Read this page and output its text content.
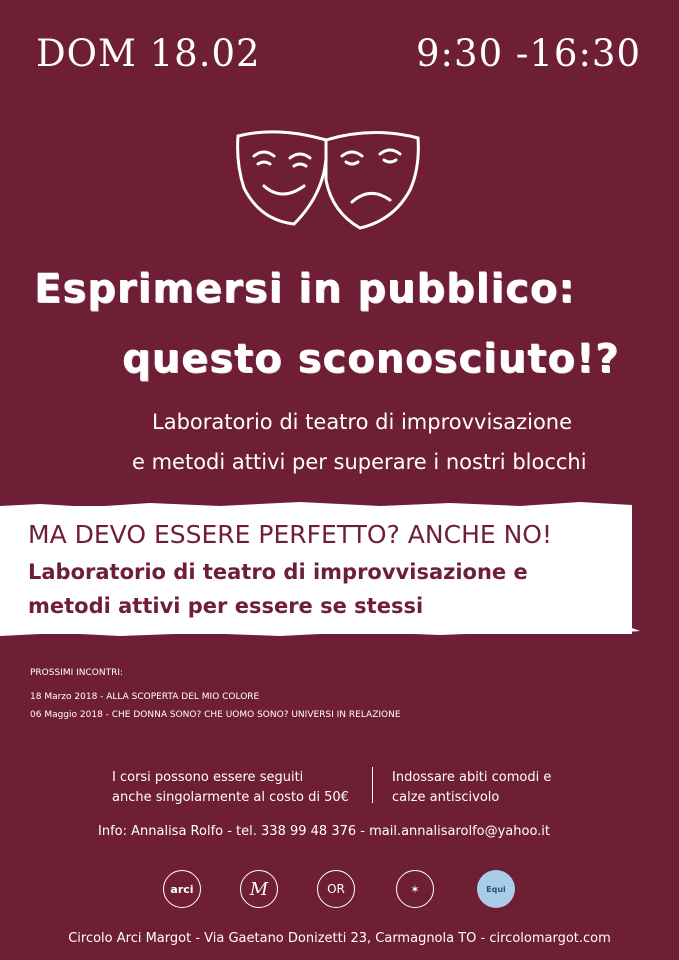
DOM 18.02	9:30 -16:30
Esprimersi in pubblico:
questo sconosciuto!?
Laboratorio di teatro di improvvisazione
e metodi attivi per superare i nostri blocchi
MA DEVO ESSERE PERFETTO? ANCHE NO!
Laboratorio di teatro di improvvisazione e
metodi attivi per essere se stessi
PROSSIMI INCONTRI:
18 Marzo 2018 - ALLA SCOPERTA DEL MIO COLORE
06 Maggio 2018 - CHE DONNA SONO? CHE UOMO SONO? UNIVERSI IN RELAZIONE
I corsi possono essere seguiti
anche singolarmente al costo di 50€
Indossare abiti comodi e
calze antiscivolo
Info: Annalisa Rolfo - tel. 338 99 48 376 - mail.annalisarolfo@yahoo.it
arci	M	OR	✶	Equi
Circolo Arci Margot - Via Gaetano Donizetti 23, Carmagnola TO - circolomargot.com
